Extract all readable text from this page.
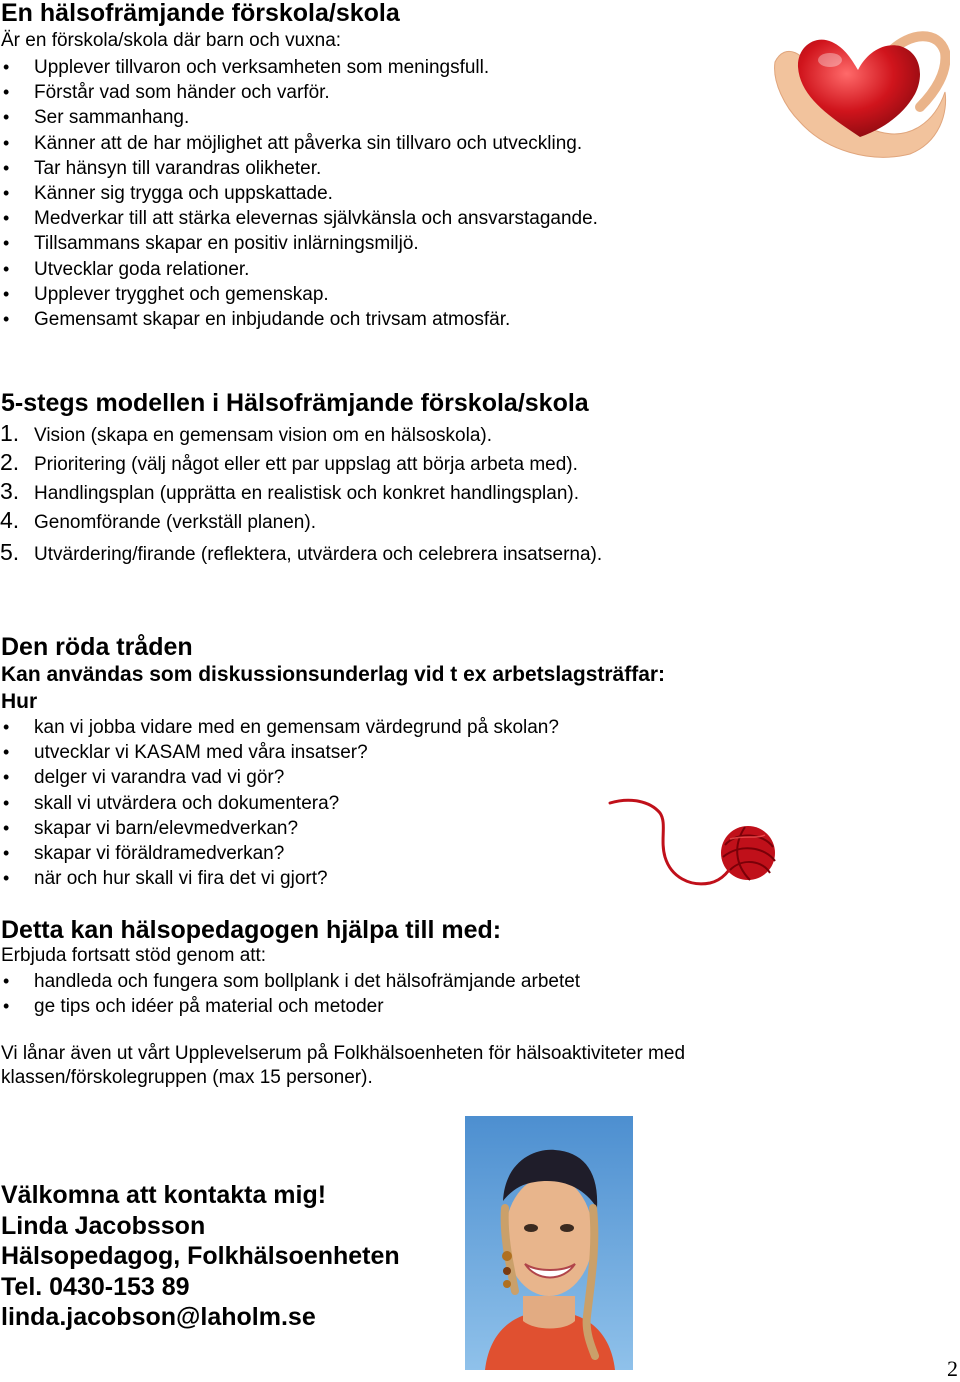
En hälsofrämjande förskola/skola
Är en förskola/skola där barn och vuxna:
• Upplever tillvaron och verksamheten som meningsfull.
• Förstår vad som händer och varför.
• Ser sammanhang.
• Känner att de har möjlighet att påverka sin tillvaro och utveckling.
• Tar hänsyn till varandras olikheter.
• Känner sig trygga och uppskattade.
• Medverkar till att stärka elevernas självkänsla och ansvarstagande.
• Tillsammans skapar en positiv inlärningsmiljö.
• Utvecklar goda relationer.
• Upplever trygghet och gemenskap.
• Gemensamt skapar en inbjudande och trivsam atmosfär.
5-stegs modellen i Hälsofrämjande förskola/skola
1. Vision (skapa en gemensam vision om en hälsoskola).
2. Prioritering (välj något eller ett par uppslag att börja arbeta med).
3. Handlingsplan (upprätta en realistisk och konkret handlingsplan).
4. Genomförande (verkställ planen).
5. Utvärdering/firande (reflektera, utvärdera och celebrera insatserna).
Den röda tråden
Kan användas som diskussionsunderlag vid t ex arbetslagsträffar:
Hur
• kan vi jobba vidare med en gemensam värdegrund på skolan?
• utvecklar vi KASAM med våra insatser?
• delger vi varandra vad vi gör?
• skall vi utvärdera och dokumentera?
• skapar vi barn/elevmedverkan?
• skapar vi föräldramedverkan?
• när och hur skall vi fira det vi gjort?
Detta kan hälsopedagogen hjälpa till med:
Erbjuda fortsatt stöd genom att:
• handleda och fungera som bollplank i det hälsofrämjande arbetet
• ge tips och idéer på material och metoder
Vi lånar även ut vårt Upplevelserum på Folkhälsoenheten för hälsoaktiviteter med klassen/förskolegruppen (max 15 personer).
Välkomna att kontakta mig!
Linda Jacobsson
Hälsopedagog, Folkhälsoenheten
Tel. 0430-153 89
linda.jacobson@laholm.se
2
